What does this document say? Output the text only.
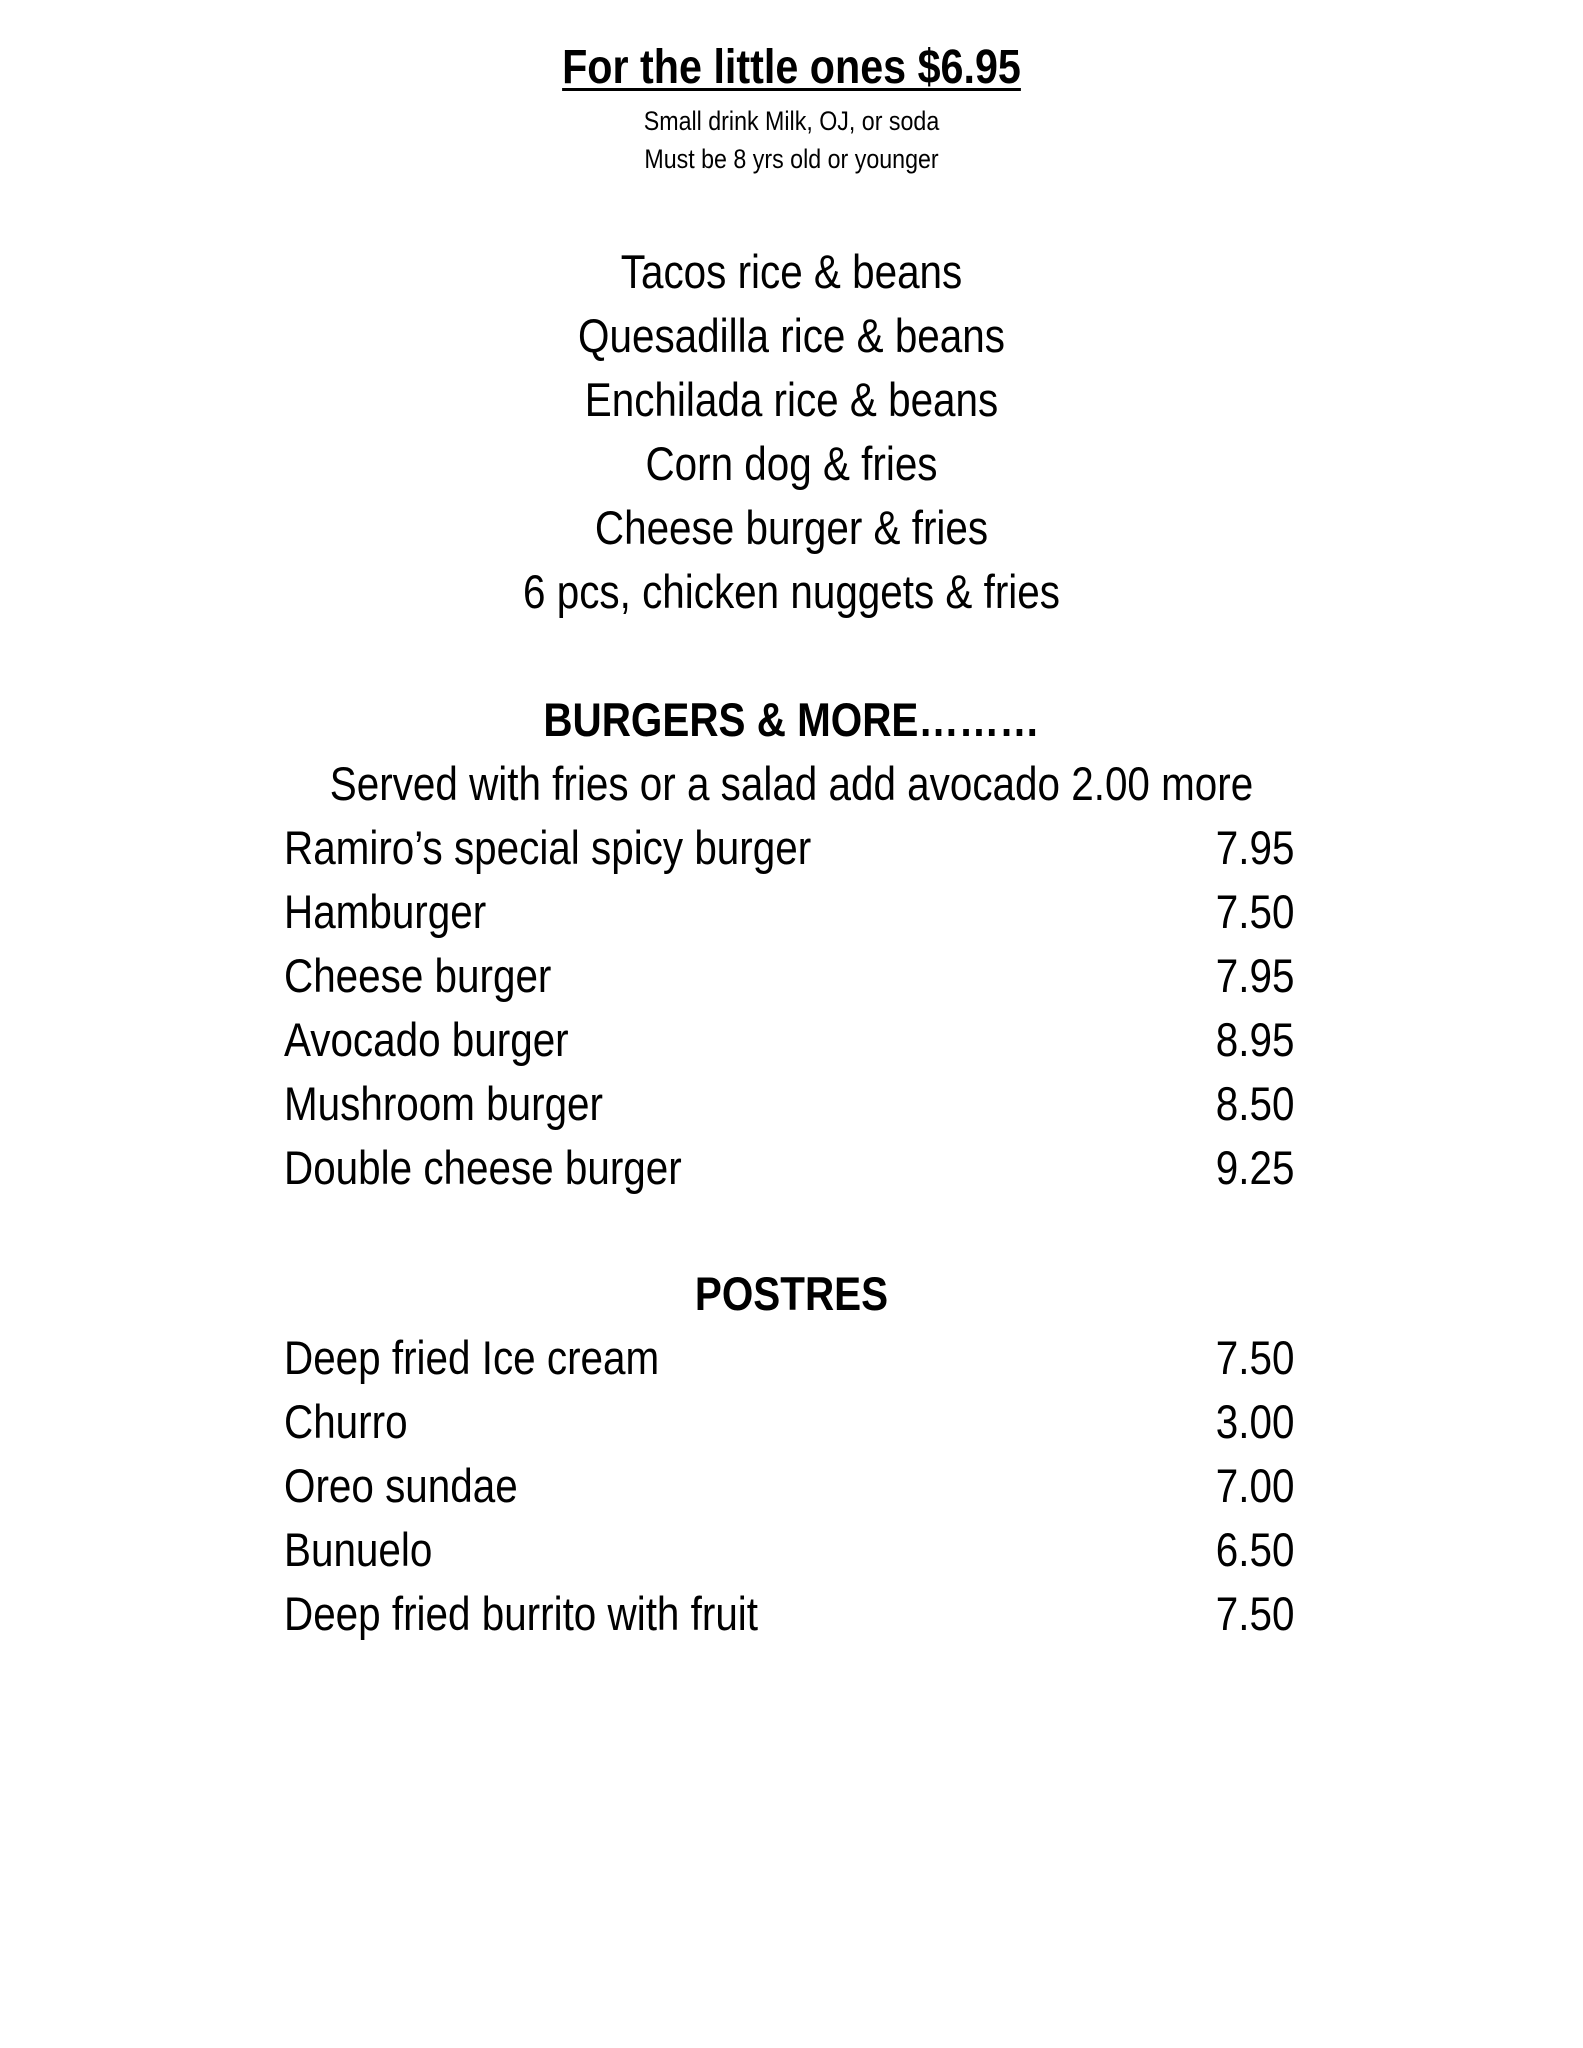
For the little ones $6.95
Small drink Milk, OJ, or soda
Must be 8 yrs old or younger
Tacos rice & beans
Quesadilla rice & beans
Enchilada rice & beans
Corn dog & fries
Cheese burger & fries
6 pcs, chicken nuggets & fries
BURGERS & MORE………
Served with fries or a salad add avocado 2.00 more
Ramiro’s special spicy burger	7.95
Hamburger	7.50
Cheese burger	7.95
Avocado burger	8.95
Mushroom burger	8.50
Double cheese burger	9.25
POSTRES
Deep fried Ice cream	7.50
Churro	3.00
Oreo sundae	7.00
Bunuelo	6.50
Deep fried burrito with fruit	7.50
